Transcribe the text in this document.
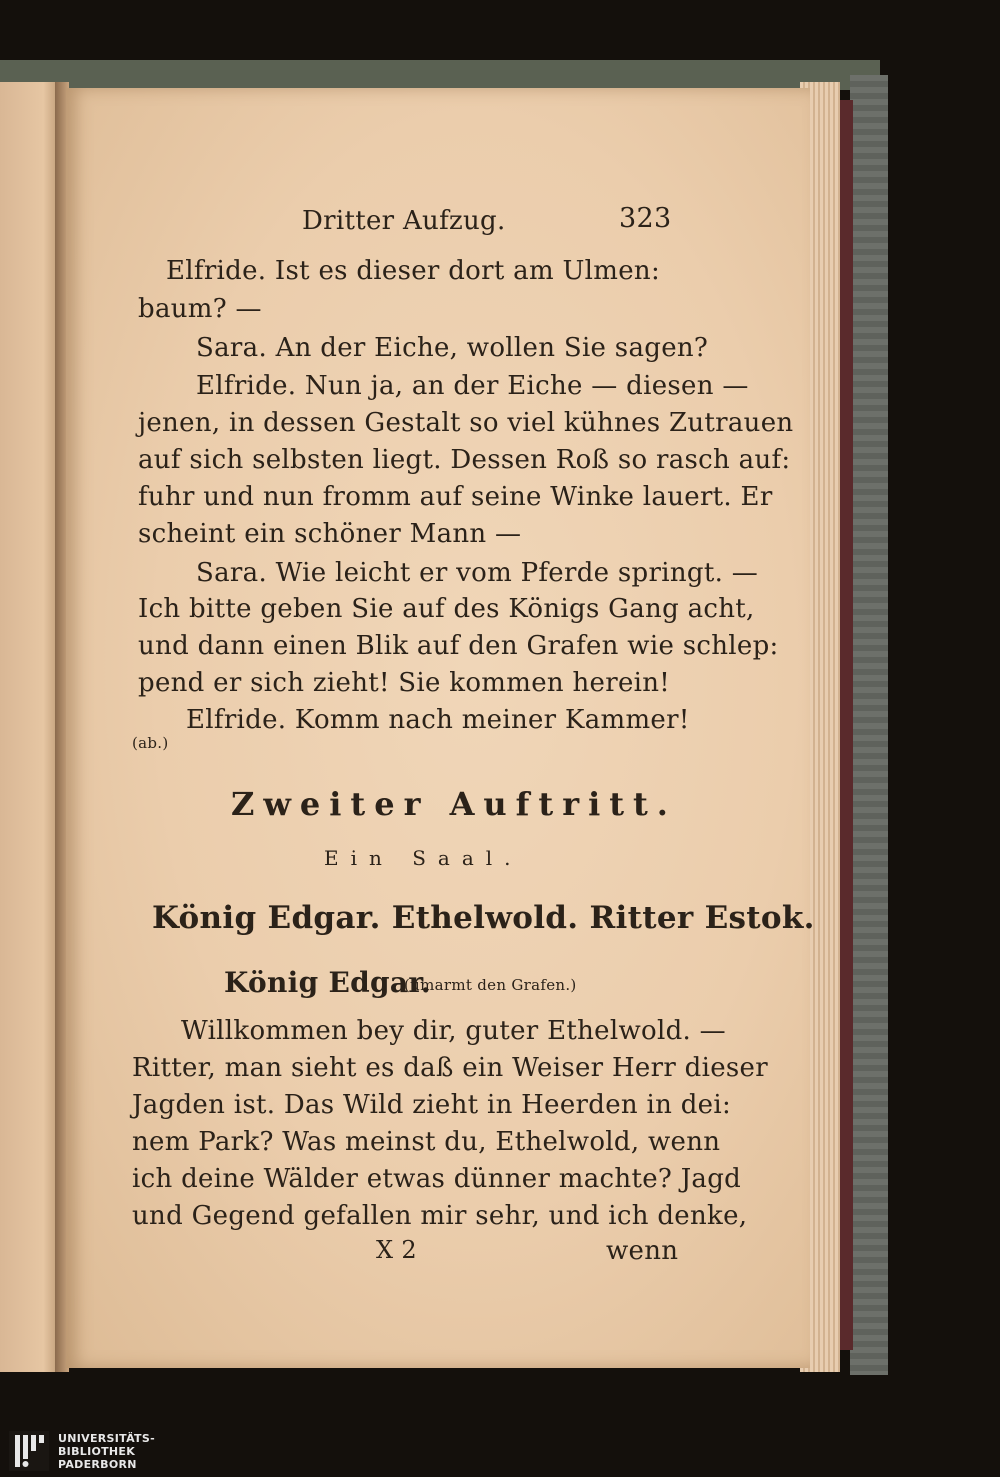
Dritter Aufzug.	323
Elfride. Ist es dieser dort am Ulmen:
baum? —
Sara. An der Eiche, wollen Sie sagen?
Elfride. Nun ja, an der Eiche — diesen —
jenen, in dessen Gestalt so viel kühnes Zutrauen
auf sich selbsten liegt. Dessen Roß so rasch auf:
fuhr und nun fromm auf seine Winke lauert. Er
scheint ein schöner Mann —
Sara. Wie leicht er vom Pferde springt. —
Ich bitte geben Sie auf des Königs Gang acht,
und dann einen Blik auf den Grafen wie schlep:
pend er sich zieht! Sie kommen herein!
Elfride. Komm nach meiner Kammer!
(ab.)
Zweiter Auftritt.
Ein Saal.
König Edgar. Ethelwold. Ritter Estok.
König Edgar.
(umarmt den Grafen.)
Willkommen bey dir, guter Ethelwold. —
Ritter, man sieht es daß ein Weiser Herr dieser
Jagden ist. Das Wild zieht in Heerden in dei:
nem Park? Was meinst du, Ethelwold, wenn
ich deine Wälder etwas dünner machte? Jagd
und Gegend gefallen mir sehr, und ich denke,
X 2	wenn
UNIVERSITÄTS-
BIBLIOTHEK
PADERBORN
